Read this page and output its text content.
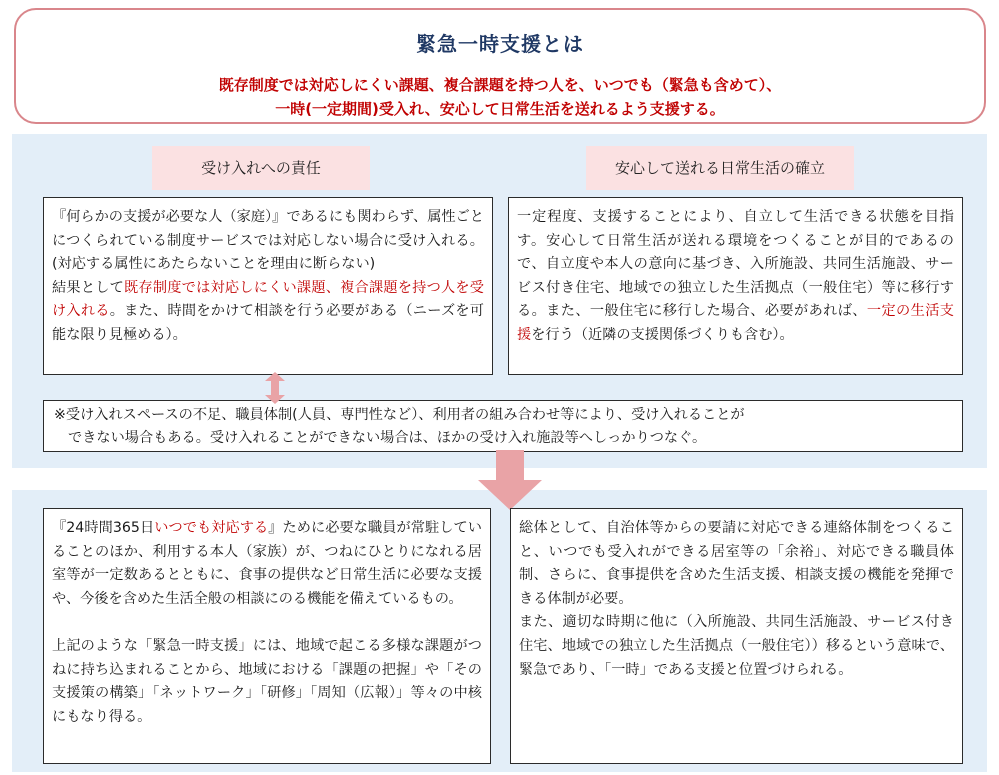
緊急一時支援とは
既存制度では対応しにくい課題、複合課題を持つ人を、いつでも（緊急も含めて）、
一時(一定期間)受入れ、安心して日常生活を送れるよう支援する。
受け入れへの責任	安心して送れる日常生活の確立
『何らかの支援が必要な人（家庭）』であるにも関わらず、属性ごとにつくられている制度サービスでは対応しない場合に受け入れる。(対応する属性にあたらないことを理由に断らない)
結果として既存制度では対応しにくい課題、複合課題を持つ人を受け入れる。また、時間をかけて相談を行う必要がある（ニーズを可能な限り見極める）。
一定程度、支援することにより、自立して生活できる状態を目指す。安心して日常生活が送れる環境をつくることが目的であるので、自立度や本人の意向に基づき、入所施設、共同生活施設、サービス付き住宅、地域での独立した生活拠点（一般住宅）等に移行する。また、一般住宅に移行した場合、必要があれば、一定の生活支援を行う（近隣の支援関係づくりも含む）。
※受け入れスペースの不足、職員体制(人員、専門性など）、利用者の組み合わせ等により、受け入れることが
できない場合もある。受け入れることができない場合は、ほかの受け入れ施設等へしっかりつなぐ。
『24時間365日いつでも対応する』ために必要な職員が常駐していることのほか、利用する本人（家族）が、つねにひとりになれる居室等が一定数あるとともに、食事の提供など日常生活に必要な支援や、今後を含めた生活全般の相談にのる機能を備えているもの。
上記のような「緊急一時支援」には、地域で起こる多様な課題がつねに持ち込まれることから、地域における「課題の把握」や「その支援策の構築」「ネットワーク」「研修」「周知（広報）」等々の中核にもなり得る。
総体として、自治体等からの要請に対応できる連絡体制をつくること、いつでも受入れができる居室等の「余裕」、対応できる職員体制、さらに、食事提供を含めた生活支援、相談支援の機能を発揮できる体制が必要。
また、適切な時期に他に（入所施設、共同生活施設、サービス付き住宅、地域での独立した生活拠点（一般住宅））移るという意味で、緊急であり、「一時」である支援と位置づけられる。
